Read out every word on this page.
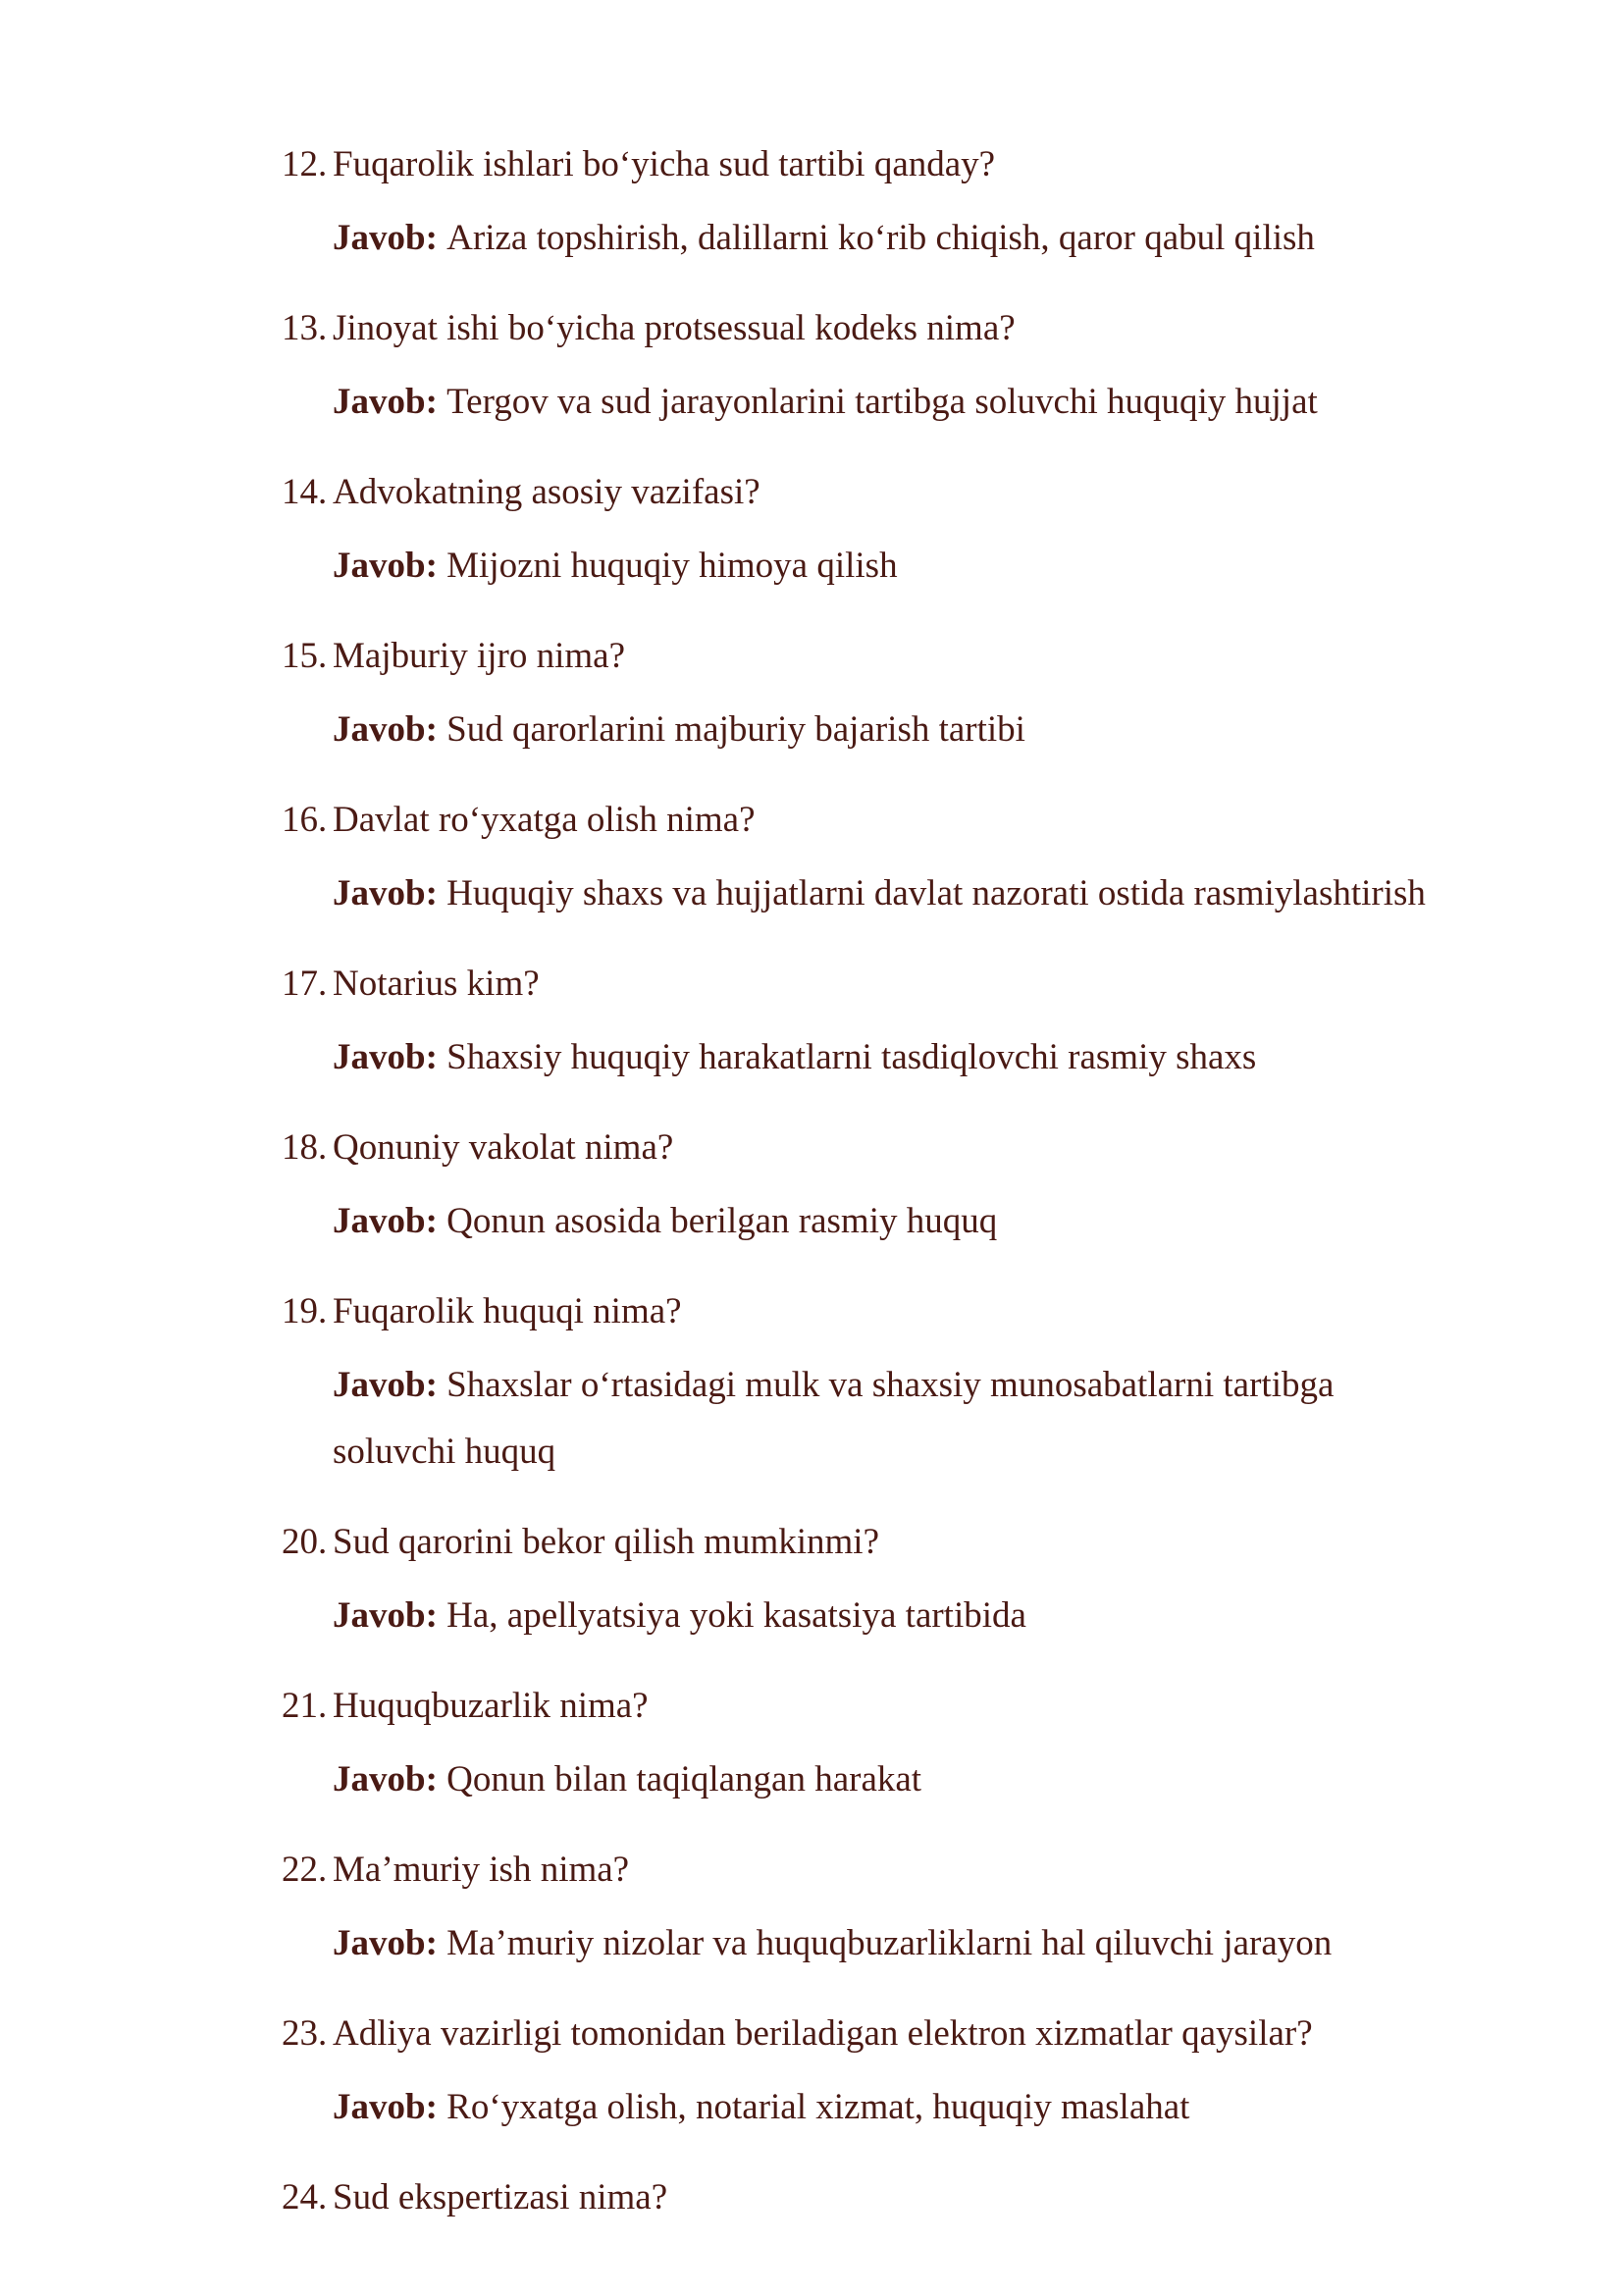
12. Fuqarolik ishlari bo‘yicha sud tartibi qanday?
Javob: Ariza topshirish, dalillarni ko‘rib chiqish, qaror qabul qilish
13. Jinoyat ishi bo‘yicha protsessual kodeks nima?
Javob: Tergov va sud jarayonlarini tartibga soluvchi huquqiy hujjat
14. Advokatning asosiy vazifasi?
Javob: Mijozni huquqiy himoya qilish
15. Majburiy ijro nima?
Javob: Sud qarorlarini majburiy bajarish tartibi
16. Davlat ro‘yxatga olish nima?
Javob: Huquqiy shaxs va hujjatlarni davlat nazorati ostida rasmiylashtirish
17. Notarius kim?
Javob: Shaxsiy huquqiy harakatlarni tasdiqlovchi rasmiy shaxs
18. Qonuniy vakolat nima?
Javob: Qonun asosida berilgan rasmiy huquq
19. Fuqarolik huquqi nima?
Javob: Shaxslar o‘rtasidagi mulk va shaxsiy munosabatlarni tartibga soluvchi huquq
20. Sud qarorini bekor qilish mumkinmi?
Javob: Ha, apellyatsiya yoki kasatsiya tartibida
21. Huquqbuzarlik nima?
Javob: Qonun bilan taqiqlangan harakat
22. Ma’muriy ish nima?
Javob: Ma’muriy nizolar va huquqbuzarliklarni hal qiluvchi jarayon
23. Adliya vazirligi tomonidan beriladigan elektron xizmatlar qaysilar?
Javob: Ro‘yxatga olish, notarial xizmat, huquqiy maslahat
24. Sud ekspertizasi nima?
